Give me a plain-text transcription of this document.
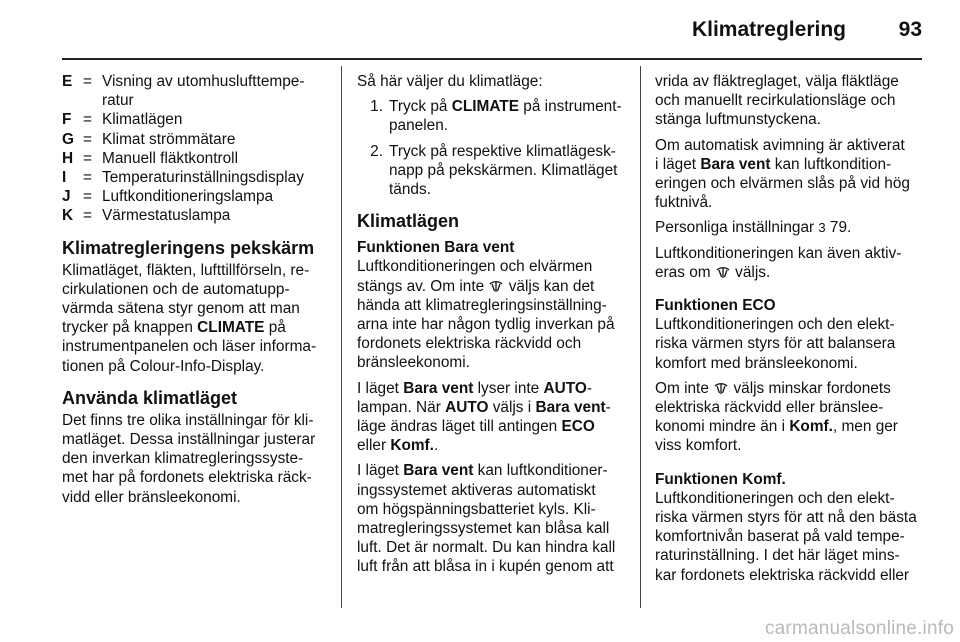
Klimatreglering	93
E = Visning av utomhuslufttempe-
ratur
F = Klimatlägen
G = Klimat strömmätare
H = Manuell fläktkontroll
I	= Temperaturinställningsdisplay
J = Luftkonditioneringslampa
K = Värmestatuslampa
Klimatregleringens pekskärm
Klimatläget, fläkten, lufttillförseln, re-
cirkulationen och de automatupp-
värmda sätena styr genom att man
trycker på knappen CLIMATE på
instrumentpanelen och läser informa-
tionen på Colour-Info-Display.
Använda klimatläget
Det finns tre olika inställningar för kli-
matläget. Dessa inställningar justerar
den inverkan klimatregleringssyste-
met har på fordonets elektriska räck-
vidd eller bränsleekonomi.
Så här väljer du klimatläge:
1. Tryck på CLIMATE på instrument-
panelen.
2. Tryck på respektive klimatlägesk-
napp på pekskärmen. Klimatläget
tänds.
Klimatlägen
Funktionen Bara vent
Luftkonditioneringen och elvärmen
stängs av. Om inte  väljs kan det
hända att klimatregleringsinställning-
arna inte har någon tydlig inverkan på
fordonets elektriska räckvidd och
bränsleekonomi.
I läget Bara vent lyser inte AUTO-
lampan. När AUTO väljs i Bara vent-
läge ändras läget till antingen ECO
eller Komf..
I läget Bara vent kan luftkonditioner-
ingssystemet aktiveras automatiskt
om högspänningsbatteriet kyls. Kli-
matregleringssystemet kan blåsa kall
luft. Det är normalt. Du kan hindra kall
luft från att blåsa in i kupén genom att
vrida av fläktreglaget, välja fläktläge
och manuellt recirkulationsläge och
stänga luftmunstyckena.
Om automatisk avimning är aktiverat
i läget Bara vent kan luftkondition-
eringen och elvärmen slås på vid hög
fuktnivå.
Personliga inställningar 3 79.
Luftkonditioneringen kan även aktiv-
eras om  väljs.
Funktionen ECO
Luftkonditioneringen och den elekt-
riska värmen styrs för att balansera
komfort med bränsleekonomi.
Om inte  väljs minskar fordonets
elektriska räckvidd eller bränslee-
konomi mindre än i Komf., men ger
viss komfort.
Funktionen Komf.
Luftkonditioneringen och den elekt-
riska värmen styrs för att nå den bästa
komfortnivån baserat på vald tempe-
raturinställning. I det här läget mins-
kar fordonets elektriska räckvidd eller
carmanualsonline.info
